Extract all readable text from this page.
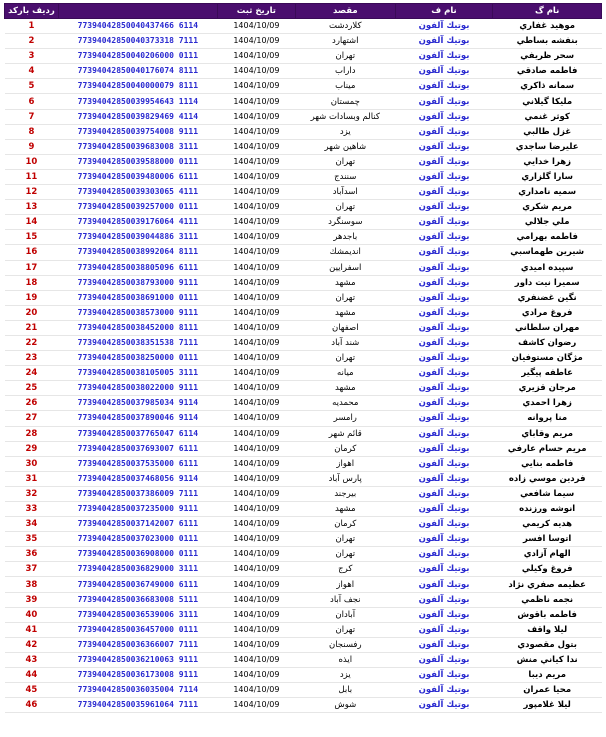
نام گ	نام ف	مقصد	تاریخ ثبت		ردیف بارکد
موهيد غفاري	بوتيك آلفون	كلاردشت	1404/10/09	77394042850040437466 6114	1
بنفشه بساطي	بوتيك آلفون	اشتهارد	1404/10/09	77394042850040373318 7111	2
سحر ظريفي	بوتيك آلفون	تهران	1404/10/09	77394042850040206000 0111	3
فاطمه صادقي	بوتيك آلفون	داراب	1404/10/09	77394042850040176074 8111	4
سمانه ذاكري	بوتيك آلفون	ميناب	1404/10/09	77394042850040000079 8111	5
مليكا گيلاني	بوتيك آلفون	چمستان	1404/10/09	77394042850039954643 1114	6
كوثر غنمي	بوتيك آلفون	كنالم وبسادات شهر	1404/10/09	77394042850039829469 4114	7
غزل طالبي	بوتيك آلفون	يزد	1404/10/09	77394042850039754008 9111	8
عليرضا ساجدي	بوتيك آلفون	شاهين شهر	1404/10/09	77394042850039683008 3111	9
زهرا خدايي	بوتيك آلفون	تهران	1404/10/09	77394042850039588000 0111	10
سارا گلزاري	بوتيك آلفون	سنندج	1404/10/09	77394042850039480006 6111	11
سميه نامداري	بوتيك آلفون	اسدآباد	1404/10/09	77394042850039303065 4111	12
مريم شكري	بوتيك آلفون	تهران	1404/10/09	77394042850039257000 0111	13
ملي جلالي	بوتيك آلفون	سوسنگرد	1404/10/09	77394042850039176064 4111	14
فاطمه بهرامي	بوتيك آلفون	باجدهر	1404/10/09	77394042850039044886 3111	15
شيرين طهماسبي	بوتيك آلفون	انديمشك	1404/10/09	77394042850038992064 8111	16
سپيده اميدي	بوتيك آلفون	اسفرايين	1404/10/09	77394042850038805096 6111	17
سميرا نيت داور	بوتيك آلفون	مشهد	1404/10/09	77394042850038793000 9111	18
نگين غضنفري	بوتيك آلفون	تهران	1404/10/09	77394042850038691000 0111	19
فروغ مرادي	بوتيك آلفون	مشهد	1404/10/09	77394042850038573000 9111	20
مهران سلطاني	بوتيك آلفون	اصفهان	1404/10/09	77394042850038452000 8111	21
رضوان كاشف	بوتيك آلفون	شند آباد	1404/10/09	77394042850038351538 7111	22
مژگان مستوفيان	بوتيك آلفون	تهران	1404/10/09	77394042850038250000 0111	23
عاطفه پيگير	بوتيك آلفون	ميانه	1404/10/09	77394042850038105005 3111	24
مرجان قزيري	بوتيك آلفون	مشهد	1404/10/09	77394042850038022000 9111	25
زهرا احمدي	بوتيك آلفون	محمديه	1404/10/09	77394042850037985034 9114	26
منا پروانه	بوتيك آلفون	رامسر	1404/10/09	77394042850037890046 9114	27
مريم وقاباي	بوتيك آلفون	قائم شهر	1404/10/09	77394042850037765047 6114	28
مريم حسام عارفي	بوتيك آلفون	كرمان	1404/10/09	77394042850037693007 6111	29
فاطمه بنايي	بوتيك آلفون	اهواز	1404/10/09	77394042850037535000 6111	30
فردين موسي زاده	بوتيك آلفون	پارس آباد	1404/10/09	77394042850037468056 9114	31
سيما شافعي	بوتيك آلفون	بيرجند	1404/10/09	77394042850037386009 7111	32
انوشه ورزنده	بوتيك آلفون	مشهد	1404/10/09	77394042850037235000 9111	33
هديه كريمي	بوتيك آلفون	كرمان	1404/10/09	77394042850037142007 6111	34
اتوسا افسر	بوتيك آلفون	تهران	1404/10/09	77394042850037023000 0111	35
الهام آزادي	بوتيك آلفون	تهران	1404/10/09	77394042850036908000 0111	36
فروغ وكيلي	بوتيك آلفون	كرج	1404/10/09	77394042850036829000 3111	37
عظيمه صفري نژاد	بوتيك آلفون	اهواز	1404/10/09	77394042850036749000 6111	38
نجمه ناظمي	بوتيك آلفون	نجف آباد	1404/10/09	77394042850036683008 5111	39
فاطمه باقوش	بوتيك آلفون	آبادان	1404/10/09	77394042850036539006 3111	40
ليلا واقف	بوتيك آلفون	تهران	1404/10/09	77394042850036457000 0111	41
بتول مقصودي	بوتيك آلفون	رفسنجان	1404/10/09	77394042850036366007 7111	42
ندا كياني منش	بوتيك آلفون	ايذه	1404/10/09	77394042850036210063 9111	43
مريم ديبا	بوتيك آلفون	يزد	1404/10/09	77394042850036173008 9111	44
محيا عمران	بوتيك آلفون	بابل	1404/10/09	77394042850036035004 7114	45
ليلا غلامپور	بوتيك آلفون	شوش	1404/10/09	77394042850035961064 7111	46
